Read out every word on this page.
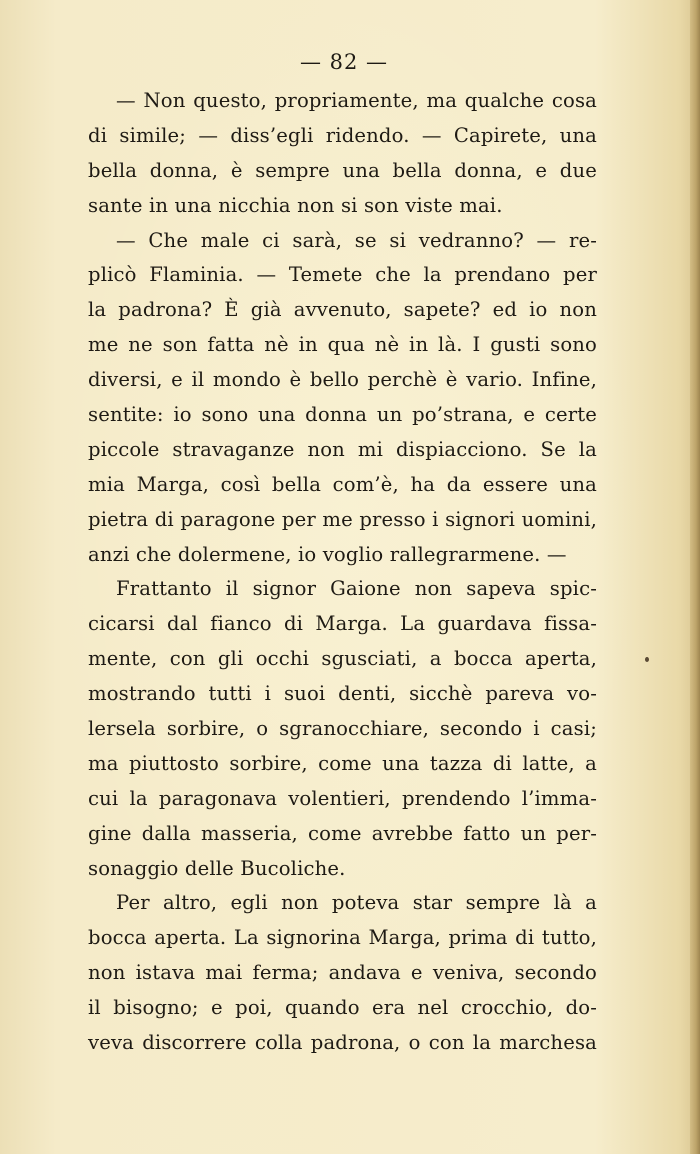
— 82 —
— Non questo, propriamente, ma qualche cosa
di simile; — diss’egli ridendo. — Capirete, una
bella donna, è sempre una bella donna, e due
sante in una nicchia non si son viste mai.
— Che male ci sarà, se si vedranno? — re-
plicò Flaminia. — Temete che la prendano per
la padrona? È già avvenuto, sapete? ed io non
me ne son fatta nè in qua nè in là. I gusti sono
diversi, e il mondo è bello perchè è vario. Infine,
sentite: io sono una donna un po’strana, e certe
piccole stravaganze non mi dispiacciono. Se la
mia Marga, così bella com’è, ha da essere una
pietra di paragone per me presso i signori uomini,
anzi che dolermene, io voglio rallegrarmene. —
Frattanto il signor Gaione non sapeva spic-
cicarsi dal fianco di Marga. La guardava fissa-
mente, con gli occhi sgusciati, a bocca aperta,
mostrando tutti i suoi denti, sicchè pareva vo-
lersela sorbire, o sgranocchiare, secondo i casi;
ma piuttosto sorbire, come una tazza di latte, a
cui la paragonava volentieri, prendendo l’imma-
gine dalla masseria, come avrebbe fatto un per-
sonaggio delle Bucoliche.
Per altro, egli non poteva star sempre là a
bocca aperta. La signorina Marga, prima di tutto,
non istava mai ferma; andava e veniva, secondo
il bisogno; e poi, quando era nel crocchio, do-
veva discorrere colla padrona, o con la marchesa
